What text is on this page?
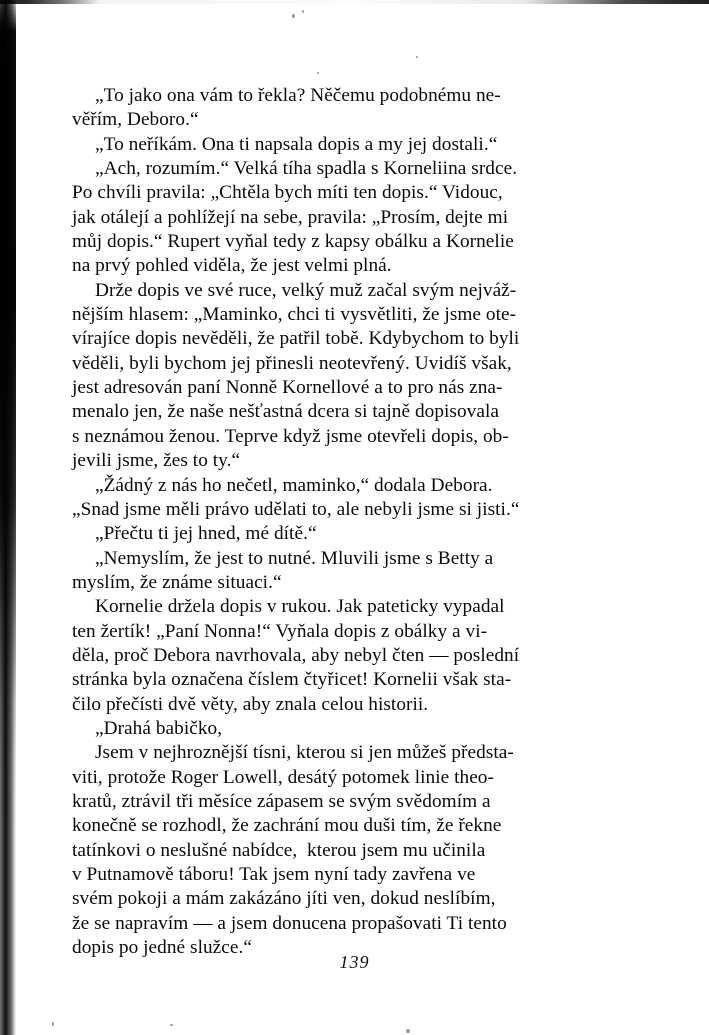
„To jako ona vám to řekla? Něčemu podobnému ne-
věřím, Deboro.“
„To neříkám. Ona ti napsala dopis a my jej dostali.“
„Ach, rozumím.“ Velká tíha spadla s Korneliina srdce.
Po chvíli pravila: „Chtěla bych míti ten dopis.“ Vidouc,
jak otálejí a pohlížejí na sebe, pravila: „Prosím, dejte mi
můj dopis.“ Rupert vyňal tedy z kapsy obálku a Kornelie
na prvý pohled viděla, že jest velmi plná.
Drže dopis ve své ruce, velký muž začal svým nejváž-
nějším hlasem: „Maminko, chci ti vysvětliti, že jsme ote-
vírajíce dopis nevěděli, že patřil tobě. Kdybychom to byli
věděli, byli bychom jej přinesli neotevřený. Uvidíš však,
jest adresován paní Nonně Kornellové a to pro nás zna-
menalo jen, že naše nešťastná dcera si tajně dopisovala
s neznámou ženou. Teprve když jsme otevřeli dopis, ob-
jevili jsme, žes to ty.“
„Žádný z nás ho nečetl, maminko,“ dodala Debora.
„Snad jsme měli právo udělati to, ale nebyli jsme si jisti.“
„Přečtu ti jej hned, mé dítě.“
„Nemyslím, že jest to nutné. Mluvili jsme s Betty a
myslím, že známe situaci.“
Kornelie držela dopis v rukou. Jak pateticky vypadal
ten žertík! „Paní Nonna!“ Vyňala dopis z obálky a vi-
děla, proč Debora navrhovala, aby nebyl čten — poslední
stránka byla označena číslem čtyřicet! Kornelii však sta-
čilo přečísti dvě věty, aby znala celou historii.
„Drahá babičko,
Jsem v nejhroznější tísni, kterou si jen můžeš předsta-
viti, protože Roger Lowell, desátý potomek linie theo-
kratů, ztrávil tři měsíce zápasem se svým svědomím a
konečně se rozhodl, že zachrání mou duši tím, že řekne
tatínkovi o neslušné nabídce,  kterou jsem mu učinila
v Putnamově táboru! Tak jsem nyní tady zavřena ve
svém pokoji a mám zakázáno jíti ven, dokud neslíbím,
že se napravím — a jsem donucena propašovati Ti tento
dopis po jedné služce.“
139
